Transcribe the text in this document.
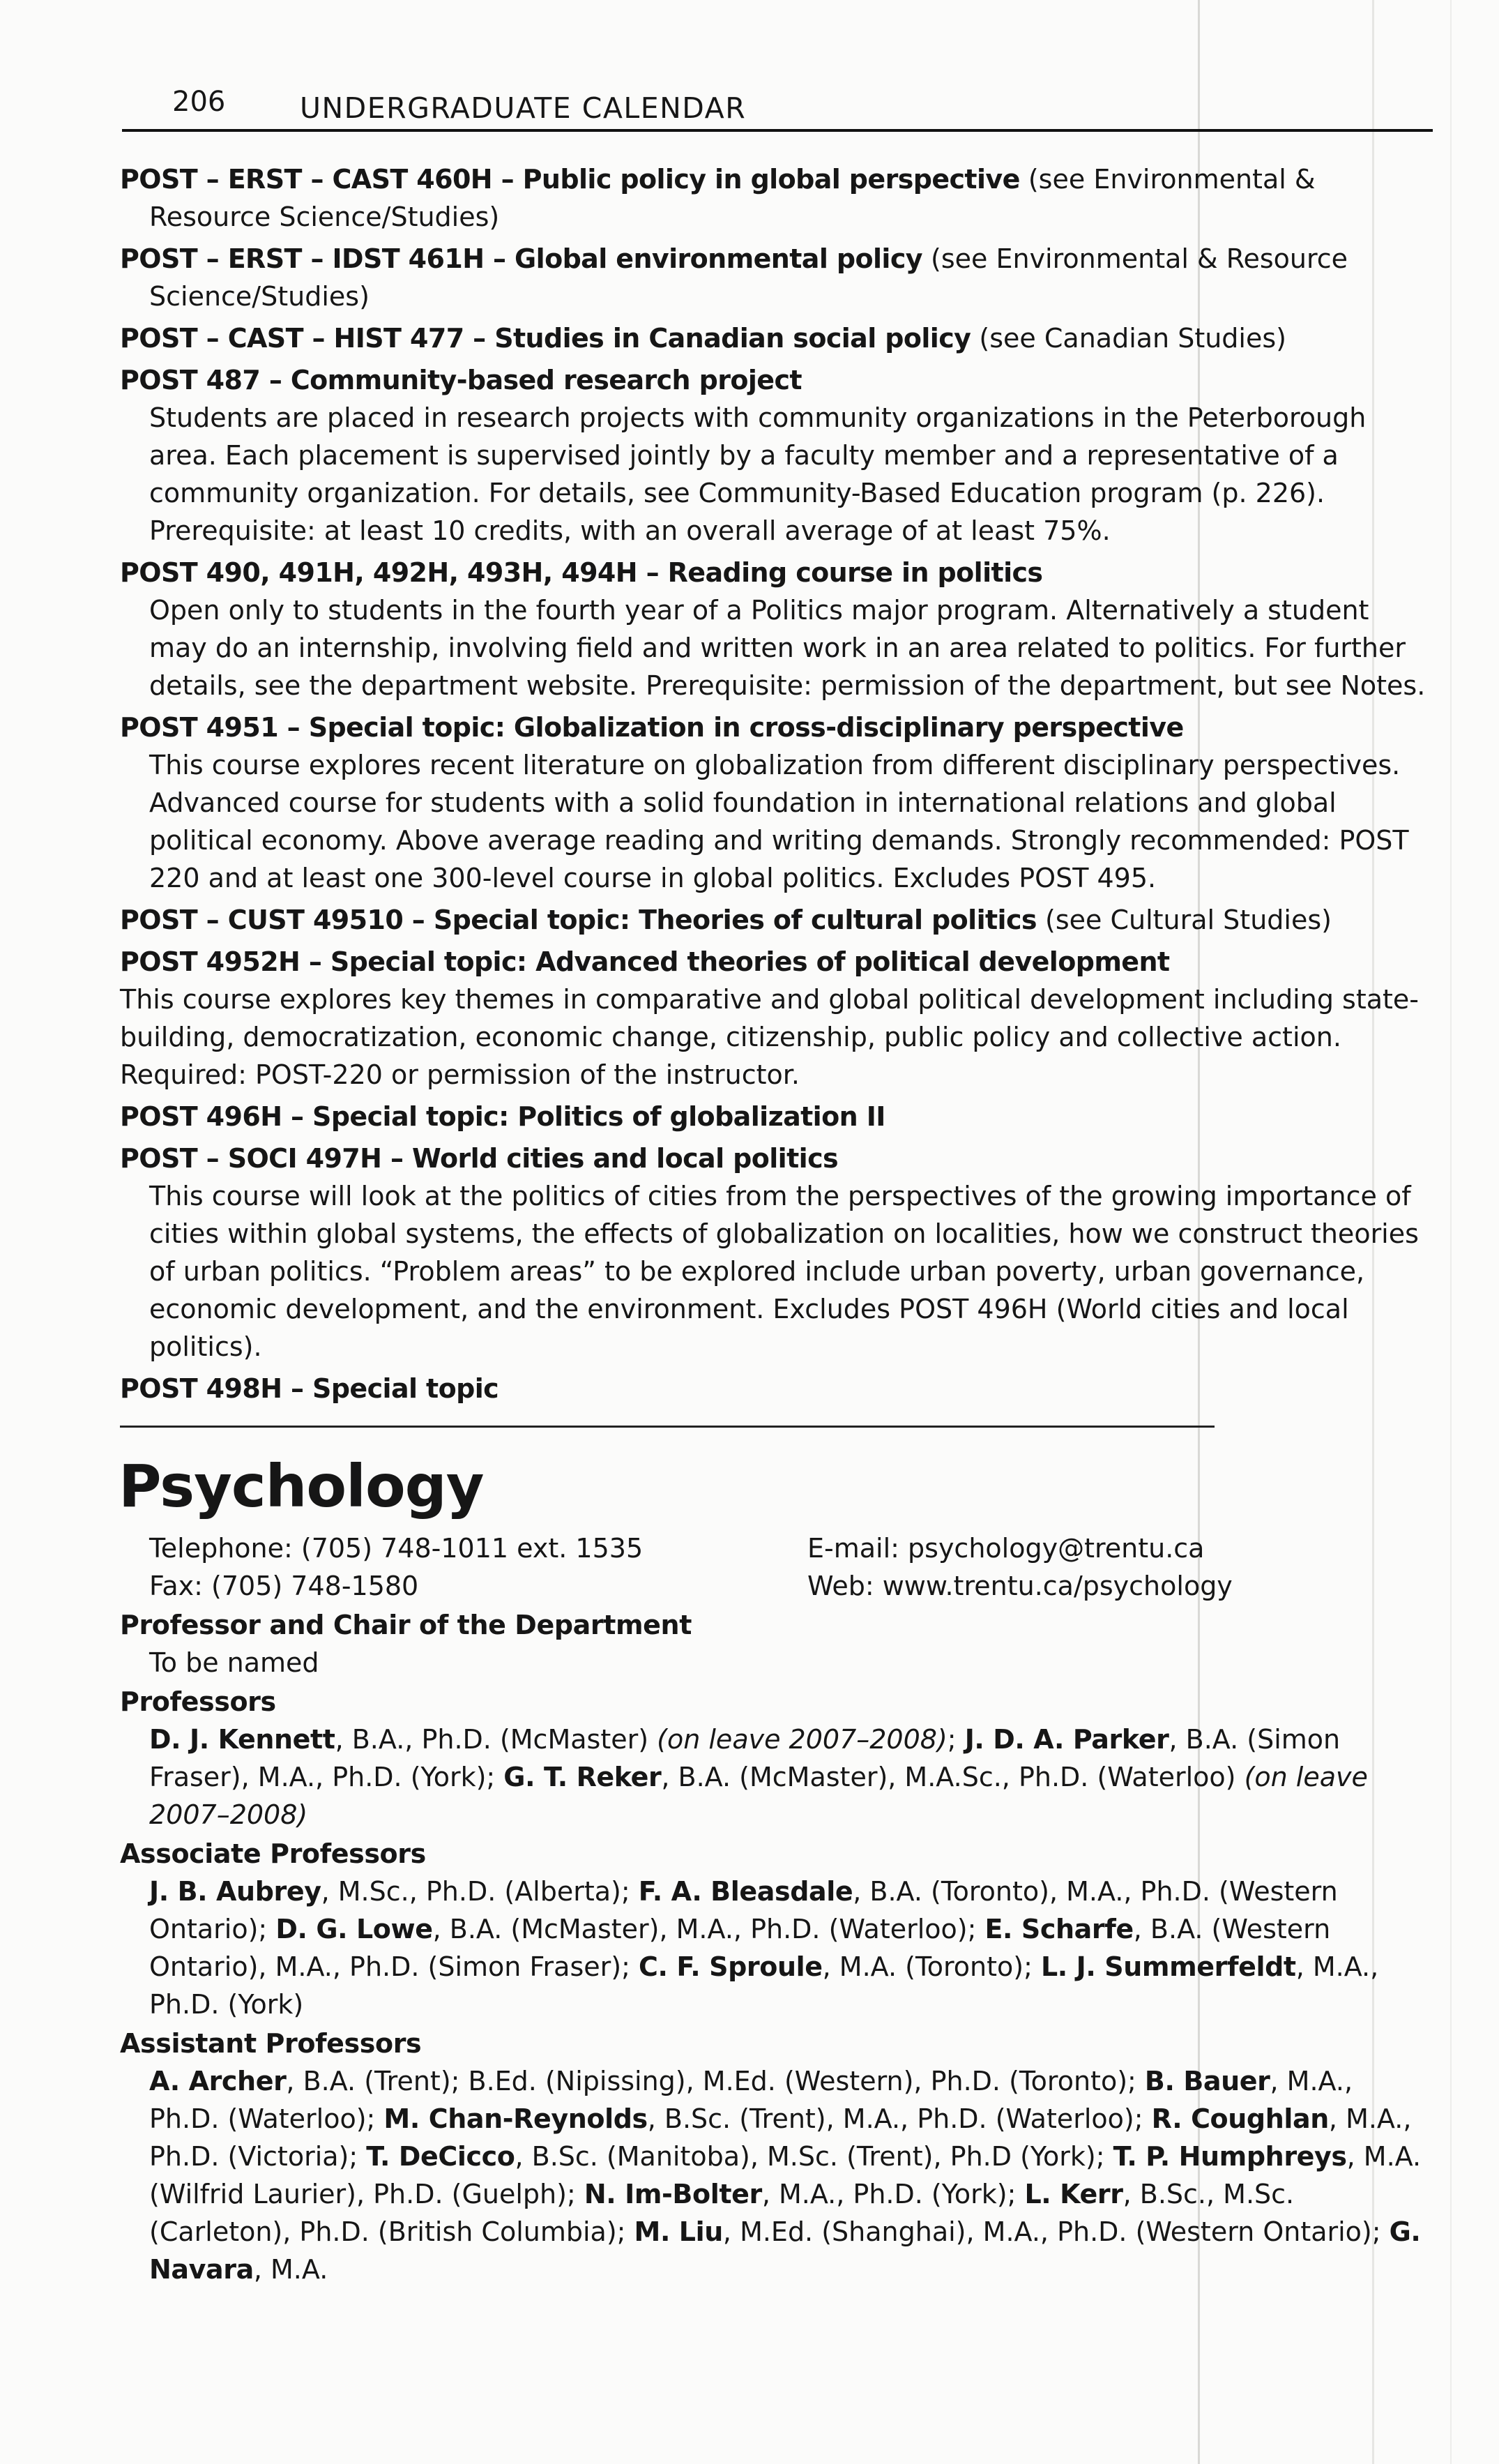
206	UNDERGRADUATE CALENDAR
POST – ERST – CAST 460H – Public policy in global perspective (see Environmental & Resource Science/Studies)
POST – ERST – IDST 461H – Global environmental policy (see Environmental & Resource Science/Studies)
POST – CAST – HIST 477 – Studies in Canadian social policy (see Canadian Studies)
POST 487 – Community-based research project
Students are placed in research projects with community organizations in the Peterborough area. Each placement is supervised jointly by a faculty member and a representative of a community organization. For details, see Community-Based Education program (p. 226). Prerequisite: at least 10 credits, with an overall average of at least 75%.
POST 490, 491H, 492H, 493H, 494H – Reading course in politics
Open only to students in the fourth year of a Politics major program. Alternatively a student may do an internship, involving field and written work in an area related to politics. For further details, see the department website. Prerequisite: permission of the department, but see Notes.
POST 4951 – Special topic: Globalization in cross-disciplinary perspective
This course explores recent literature on globalization from different disciplinary perspectives. Advanced course for students with a solid foundation in international relations and global political economy. Above average reading and writing demands. Strongly recommended: POST 220 and at least one 300-level course in global politics. Excludes POST 495.
POST – CUST 49510 – Special topic: Theories of cultural politics (see Cultural Studies)
POST 4952H – Special topic: Advanced theories of political development
This course explores key themes in comparative and global political development including state-building, democratization, economic change, citizenship, public policy and collective action. Required: POST-220 or permission of the instructor.
POST 496H – Special topic: Politics of globalization II
POST – SOCI 497H – World cities and local politics
This course will look at the politics of cities from the perspectives of the growing importance of cities within global systems, the effects of globalization on localities, how we construct theories of urban politics. “Problem areas” to be explored include urban poverty, urban governance, economic development, and the environment. Excludes POST 496H (World cities and local politics).
POST 498H – Special topic
Psychology
Telephone: (705) 748-1011 ext. 1535
Fax: (705) 748-1580
E-mail: psychology@trentu.ca
Web: www.trentu.ca/psychology
Professor and Chair of the Department
To be named
Professors
D. J. Kennett, B.A., Ph.D. (McMaster) (on leave 2007–2008); J. D. A. Parker, B.A. (Simon Fraser), M.A., Ph.D. (York); G. T. Reker, B.A. (McMaster), M.A.Sc., Ph.D. (Waterloo) (on leave 2007–2008)
Associate Professors
J. B. Aubrey, M.Sc., Ph.D. (Alberta); F. A. Bleasdale, B.A. (Toronto), M.A., Ph.D. (Western Ontario); D. G. Lowe, B.A. (McMaster), M.A., Ph.D. (Waterloo); E. Scharfe, B.A. (Western Ontario), M.A., Ph.D. (Simon Fraser); C. F. Sproule, M.A. (Toronto); L. J. Summerfeldt, M.A., Ph.D. (York)
Assistant Professors
A. Archer, B.A. (Trent); B.Ed. (Nipissing), M.Ed. (Western), Ph.D. (Toronto); B. Bauer, M.A., Ph.D. (Waterloo); M. Chan-Reynolds, B.Sc. (Trent), M.A., Ph.D. (Waterloo); R. Coughlan, M.A., Ph.D. (Victoria); T. DeCicco, B.Sc. (Manitoba), M.Sc. (Trent), Ph.D (York); T. P. Humphreys, M.A. (Wilfrid Laurier), Ph.D. (Guelph); N. Im-Bolter, M.A., Ph.D. (York); L. Kerr, B.Sc., M.Sc. (Carleton), Ph.D. (British Columbia); M. Liu, M.Ed. (Shanghai), M.A., Ph.D. (Western Ontario); G. Navara, M.A.
